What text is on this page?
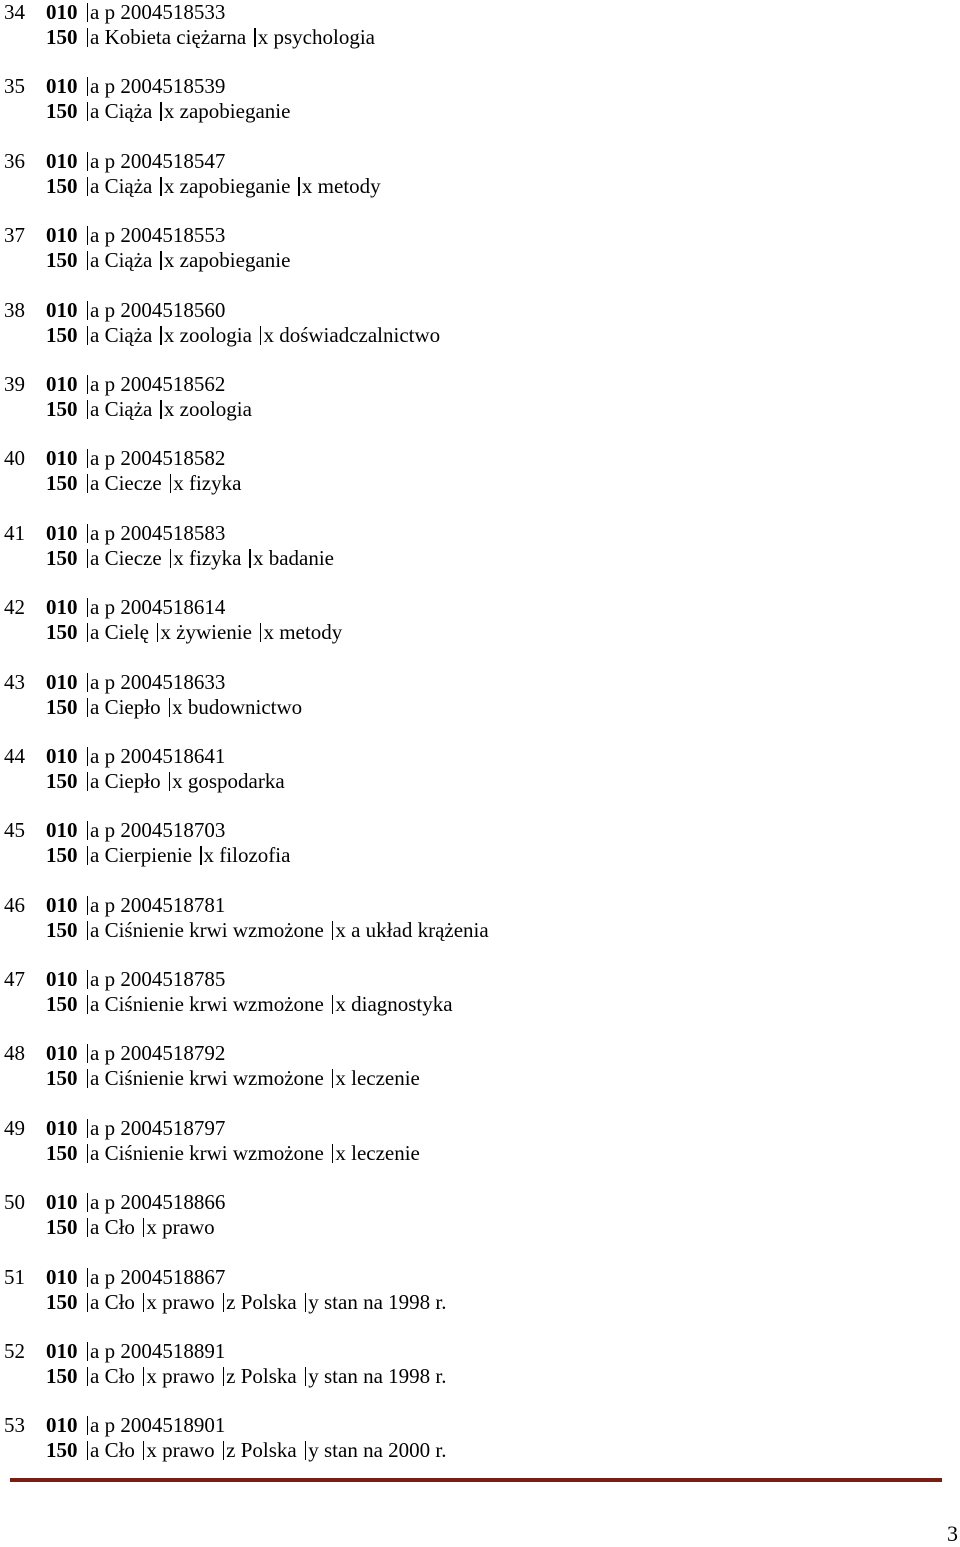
34 010 a p 2004518533
150 a Kobieta ciężarna x psychologia
35 010 a p 2004518539
150 a Ciąża x zapobieganie
36 010 a p 2004518547
150 a Ciąża x zapobieganie x metody
37 010 a p 2004518553
150 a Ciąża x zapobieganie
38 010 a p 2004518560
150 a Ciąża x zoologia x doświadczalnictwo
39 010 a p 2004518562
150 a Ciąża x zoologia
40 010 a p 2004518582
150 a Ciecze x fizyka
41 010 a p 2004518583
150 a Ciecze x fizyka x badanie
42 010 a p 2004518614
150 a Cielę x żywienie x metody
43 010 a p 2004518633
150 a Ciepło x budownictwo
44 010 a p 2004518641
150 a Ciepło x gospodarka
45 010 a p 2004518703
150 a Cierpienie x filozofia
46 010 a p 2004518781
150 a Ciśnienie krwi wzmożone x a układ krążenia
47 010 a p 2004518785
150 a Ciśnienie krwi wzmożone x diagnostyka
48 010 a p 2004518792
150 a Ciśnienie krwi wzmożone x leczenie
49 010 a p 2004518797
150 a Ciśnienie krwi wzmożone x leczenie
50 010 a p 2004518866
150 a Cło x prawo
51 010 a p 2004518867
150 a Cło x prawo z Polska y stan na 1998 r.
52 010 a p 2004518891
150 a Cło x prawo z Polska y stan na 1998 r.
53 010 a p 2004518901
150 a Cło x prawo z Polska y stan na 2000 r.
3
